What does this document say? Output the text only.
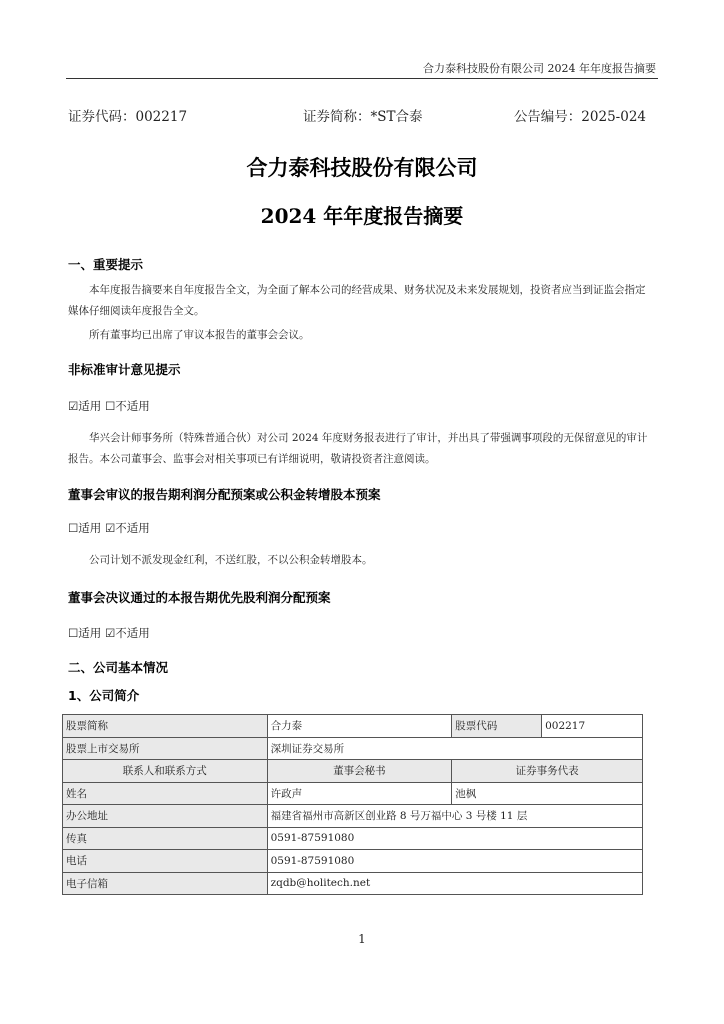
合力泰科技股份有限公司 2024 年年度报告摘要
证券代码：002217	证券简称：*ST合泰	公告编号：2025-024
合力泰科技股份有限公司
2024 年年度报告摘要
一、重要提示
本年度报告摘要来自年度报告全文，为全面了解本公司的经营成果、财务状况及未来发展规划，投资者应当到证监会指定媒体仔细阅读年度报告全文。
所有董事均已出席了审议本报告的董事会会议。
非标准审计意见提示
☑适用 ☐不适用
华兴会计师事务所（特殊普通合伙）对公司 2024 年度财务报表进行了审计，并出具了带强调事项段的无保留意见的审计报告。本公司董事会、监事会对相关事项已有详细说明，敬请投资者注意阅读。
董事会审议的报告期利润分配预案或公积金转增股本预案
☐适用 ☑不适用
公司计划不派发现金红利，不送红股，不以公积金转增股本。
董事会决议通过的本报告期优先股利润分配预案
☐适用 ☑不适用
二、公司基本情况
1、公司简介
股票简称	合力泰	股票代码	002217
股票上市交易所	深圳证券交易所		
联系人和联系方式	董事会秘书	证券事务代表	
姓名	许政声	池枫	
办公地址	福建省福州市高新区创业路 8 号万福中心 3 号楼 11 层		
传真	0591-87591080		
电话	0591-87591080		
电子信箱	zqdb@holitech.net		
1
